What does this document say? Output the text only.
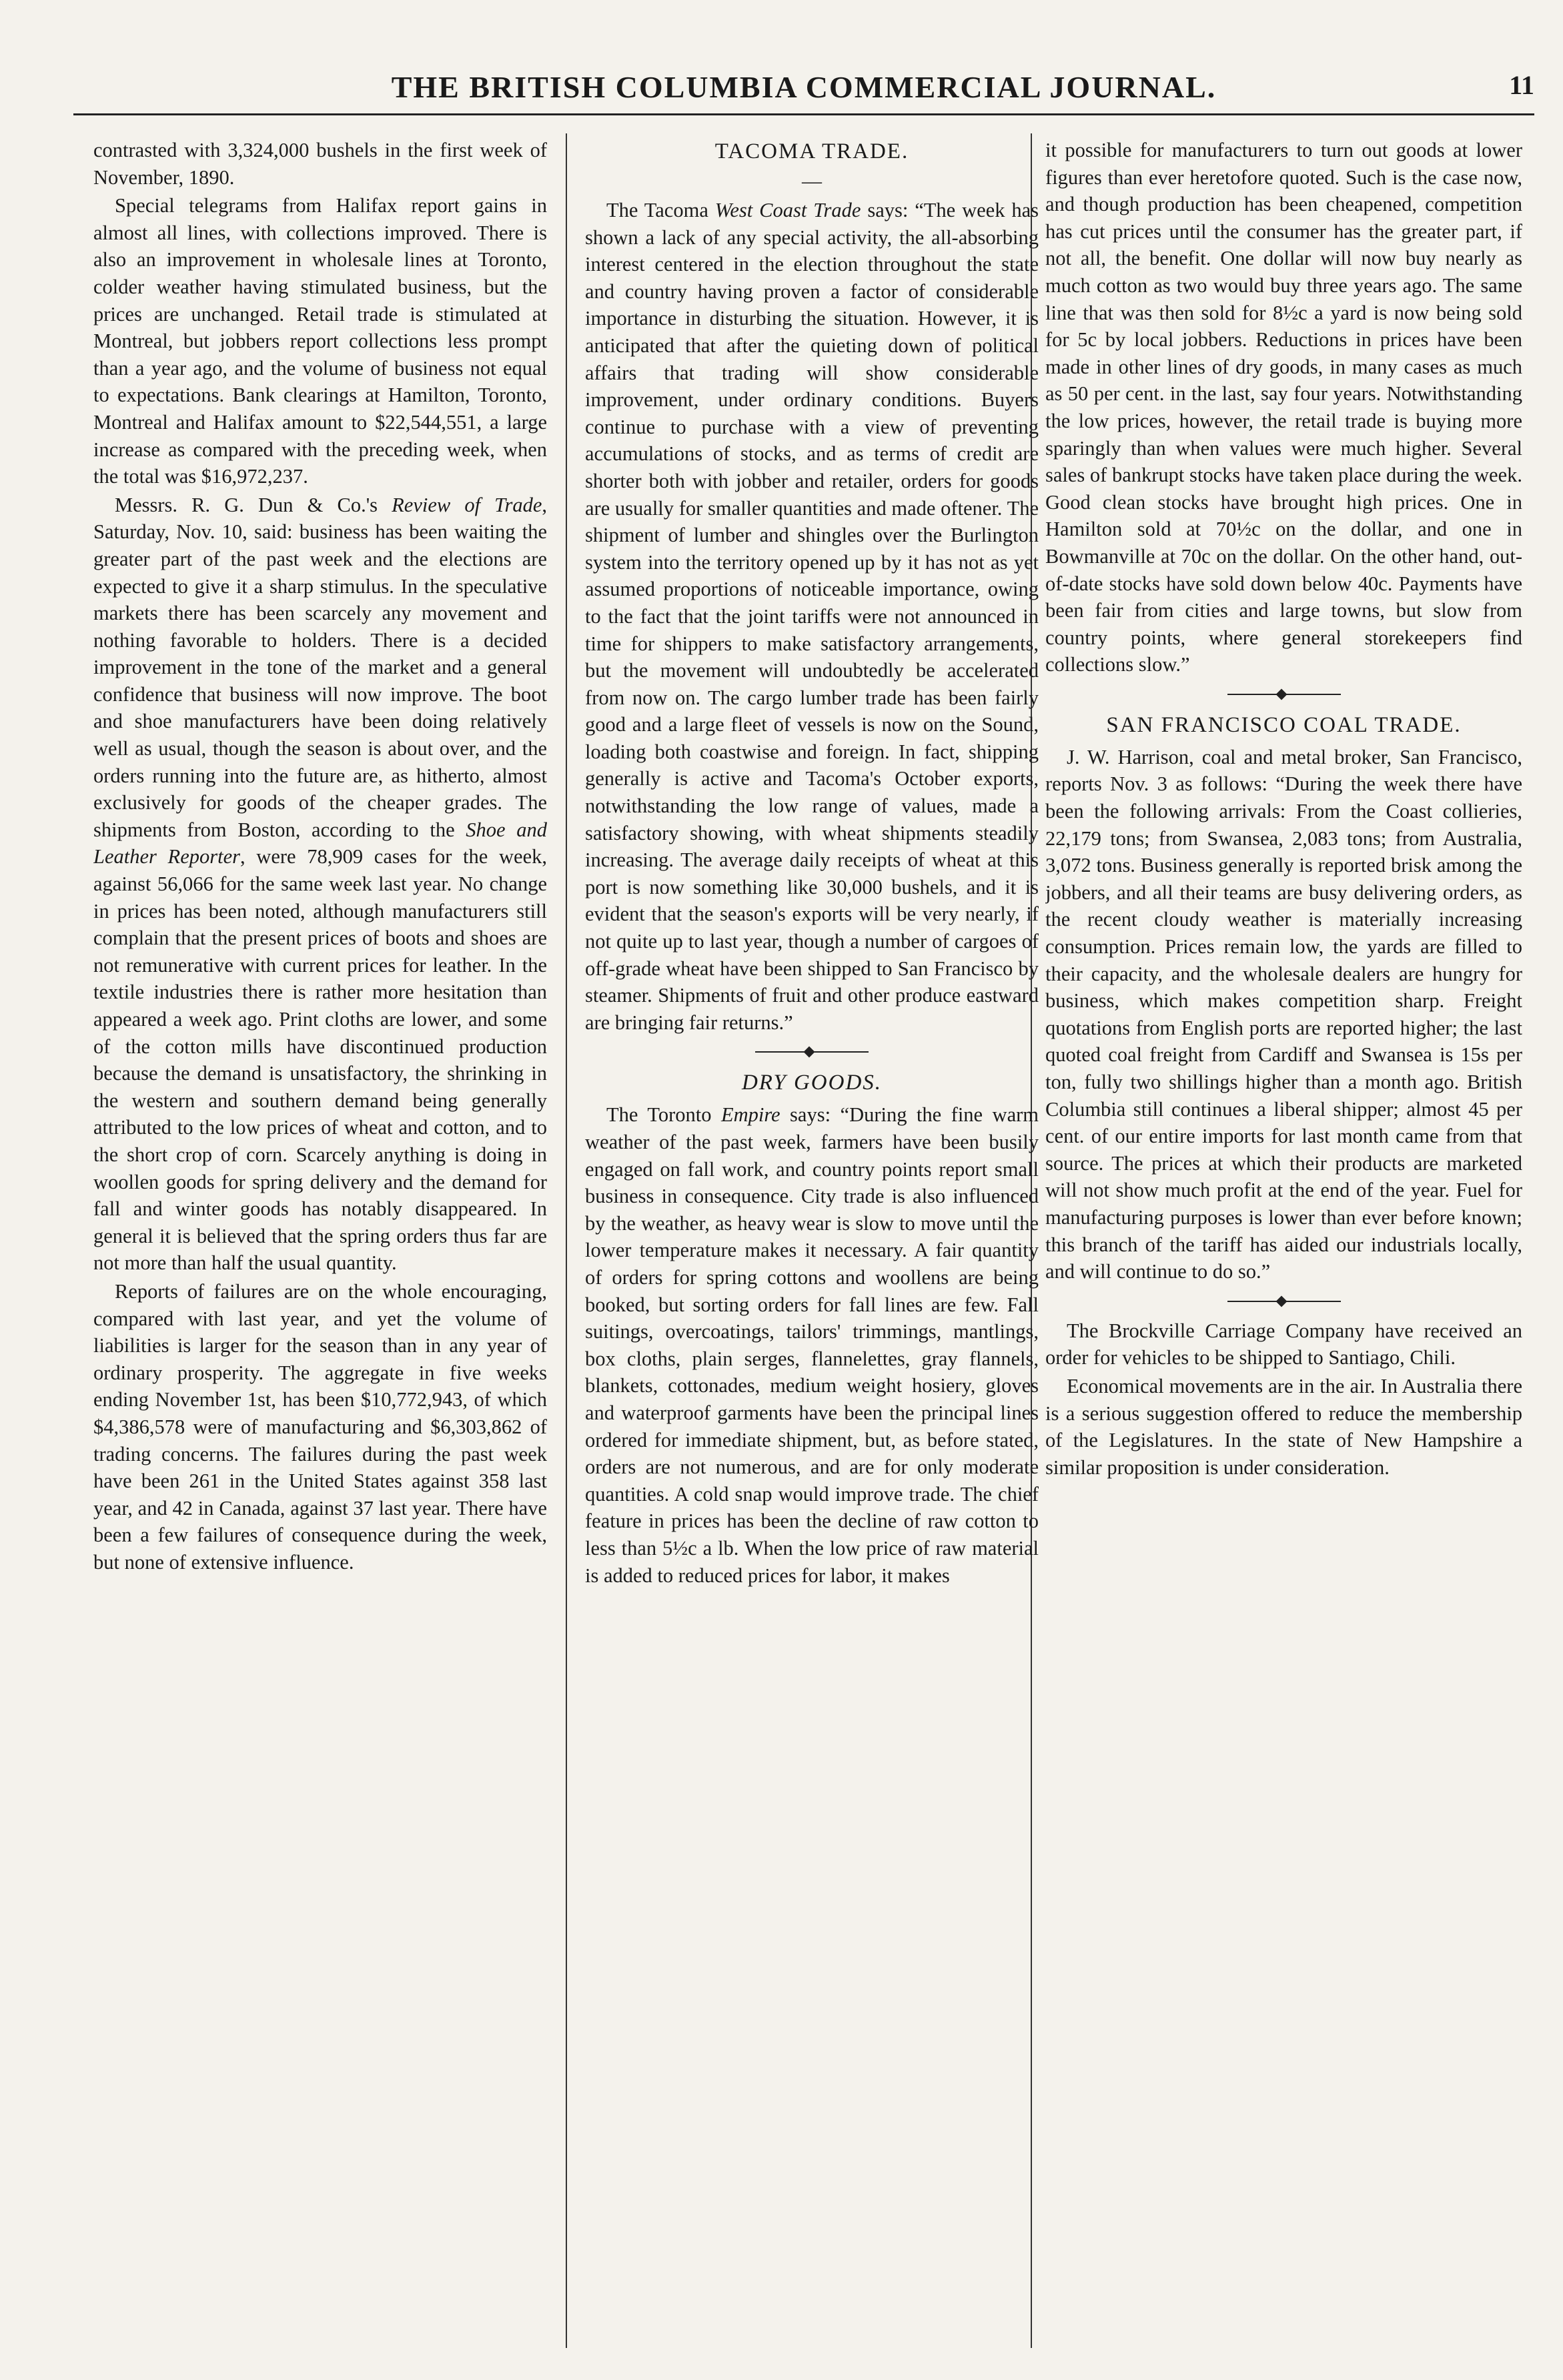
THE BRITISH COLUMBIA COMMERCIAL JOURNAL.	11

contrasted with 3,324,000 bushels in the first week of November, 1890.

Special telegrams from Halifax report gains in almost all lines, with collections improved. There is also an improvement in wholesale lines at Toronto, colder weather having stimulated business, but the prices are unchanged. Retail trade is stimulated at Montreal, but jobbers report collections less prompt than a year ago, and the volume of business not equal to expectations. Bank clearings at Hamilton, Toronto, Montreal and Halifax amount to $22,544,551, a large increase as compared with the preceding week, when the total was $16,972,237.

Messrs. R. G. Dun & Co.'s Review of Trade, Saturday, Nov. 10, said: business has been waiting the greater part of the past week and the elections are expected to give it a sharp stimulus. In the speculative markets there has been scarcely any movement and nothing favorable to holders. There is a decided improvement in the tone of the market and a general confidence that business will now improve. The boot and shoe manufacturers have been doing relatively well as usual, though the season is about over, and the orders running into the future are, as hitherto, almost exclusively for goods of the cheaper grades. The shipments from Boston, according to the Shoe and Leather Reporter, were 78,909 cases for the week, against 56,066 for the same week last year. No change in prices has been noted, although manufacturers still complain that the present prices of boots and shoes are not remunerative with current prices for leather. In the textile industries there is rather more hesitation than appeared a week ago. Print cloths are lower, and some of the cotton mills have discontinued production because the demand is unsatisfactory, the shrinking in the western and southern demand being generally attributed to the low prices of wheat and cotton, and to the short crop of corn. Scarcely anything is doing in woollen goods for spring delivery and the demand for fall and winter goods has notably disappeared. In general it is believed that the spring orders thus far are not more than half the usual quantity.

Reports of failures are on the whole encouraging, compared with last year, and yet the volume of liabilities is larger for the season than in any year of ordinary prosperity. The aggregate in five weeks ending November 1st, has been $10,772,943, of which $4,386,578 were of manufacturing and $6,303,862 of trading concerns. The failures during the past week have been 261 in the United States against 358 last year, and 42 in Canada, against 37 last year. There have been a few failures of consequence during the week, but none of extensive influence.

TACOMA TRADE.
—

The Tacoma West Coast Trade says: “The week has shown a lack of any special activity, the all-absorbing interest centered in the election throughout the state and country having proven a factor of considerable importance in disturbing the situation. However, it is anticipated that after the quieting down of political affairs that trading will show considerable improvement, under ordinary conditions. Buyers continue to purchase with a view of preventing accumulations of stocks, and as terms of credit are shorter both with jobber and retailer, orders for goods are usually for smaller quantities and made oftener. The shipment of lumber and shingles over the Burlington system into the territory opened up by it has not as yet assumed proportions of noticeable importance, owing to the fact that the joint tariffs were not announced in time for shippers to make satisfactory arrangements, but the movement will undoubtedly be accelerated from now on. The cargo lumber trade has been fairly good and a large fleet of vessels is now on the Sound, loading both coastwise and foreign. In fact, shipping generally is active and Tacoma's October exports, notwithstanding the low range of values, made a satisfactory showing, with wheat shipments steadily increasing. The average daily receipts of wheat at this port is now something like 30,000 bushels, and it is evident that the season's exports will be very nearly, if not quite up to last year, though a number of cargoes of off-grade wheat have been shipped to San Francisco by steamer. Shipments of fruit and other produce eastward are bringing fair returns.”

DRY GOODS.

The Toronto Empire says: “During the fine warm weather of the past week, farmers have been busily engaged on fall work, and country points report small business in consequence. City trade is also influenced by the weather, as heavy wear is slow to move until the lower temperature makes it necessary. A fair quantity of orders for spring cottons and woollens are being booked, but sorting orders for fall lines are few. Fall suitings, overcoatings, tailors' trimmings, mantlings, box cloths, plain serges, flannelettes, gray flannels, blankets, cottonades, medium weight hosiery, gloves and waterproof garments have been the principal lines ordered for immediate shipment, but, as before stated, orders are not numerous, and are for only moderate quantities. A cold snap would improve trade. The chief feature in prices has been the decline of raw cotton to less than 5½c a lb. When the low price of raw material is added to reduced prices for labor, it makes

it possible for manufacturers to turn out goods at lower figures than ever heretofore quoted. Such is the case now, and though production has been cheapened, competition has cut prices until the consumer has the greater part, if not all, the benefit. One dollar will now buy nearly as much cotton as two would buy three years ago. The same line that was then sold for 8½c a yard is now being sold for 5c by local jobbers. Reductions in prices have been made in other lines of dry goods, in many cases as much as 50 per cent. in the last, say four years. Notwithstanding the low prices, however, the retail trade is buying more sparingly than when values were much higher. Several sales of bankrupt stocks have taken place during the week. Good clean stocks have brought high prices. One in Hamilton sold at 70½c on the dollar, and one in Bowmanville at 70c on the dollar. On the other hand, out-of-date stocks have sold down below 40c. Payments have been fair from cities and large towns, but slow from country points, where general storekeepers find collections slow.”

SAN FRANCISCO COAL TRADE.

J. W. Harrison, coal and metal broker, San Francisco, reports Nov. 3 as follows: “During the week there have been the following arrivals: From the Coast collieries, 22,179 tons; from Swansea, 2,083 tons; from Australia, 3,072 tons. Business generally is reported brisk among the jobbers, and all their teams are busy delivering orders, as the recent cloudy weather is materially increasing consumption. Prices remain low, the yards are filled to their capacity, and the wholesale dealers are hungry for business, which makes competition sharp. Freight quotations from English ports are reported higher; the last quoted coal freight from Cardiff and Swansea is 15s per ton, fully two shillings higher than a month ago. British Columbia still continues a liberal shipper; almost 45 per cent. of our entire imports for last month came from that source. The prices at which their products are marketed will not show much profit at the end of the year. Fuel for manufacturing purposes is lower than ever before known; this branch of the tariff has aided our industrials locally, and will continue to do so.”

The Brockville Carriage Company have received an order for vehicles to be shipped to Santiago, Chili.

Economical movements are in the air. In Australia there is a serious suggestion offered to reduce the membership of the Legislatures. In the state of New Hampshire a similar proposition is under consideration.
